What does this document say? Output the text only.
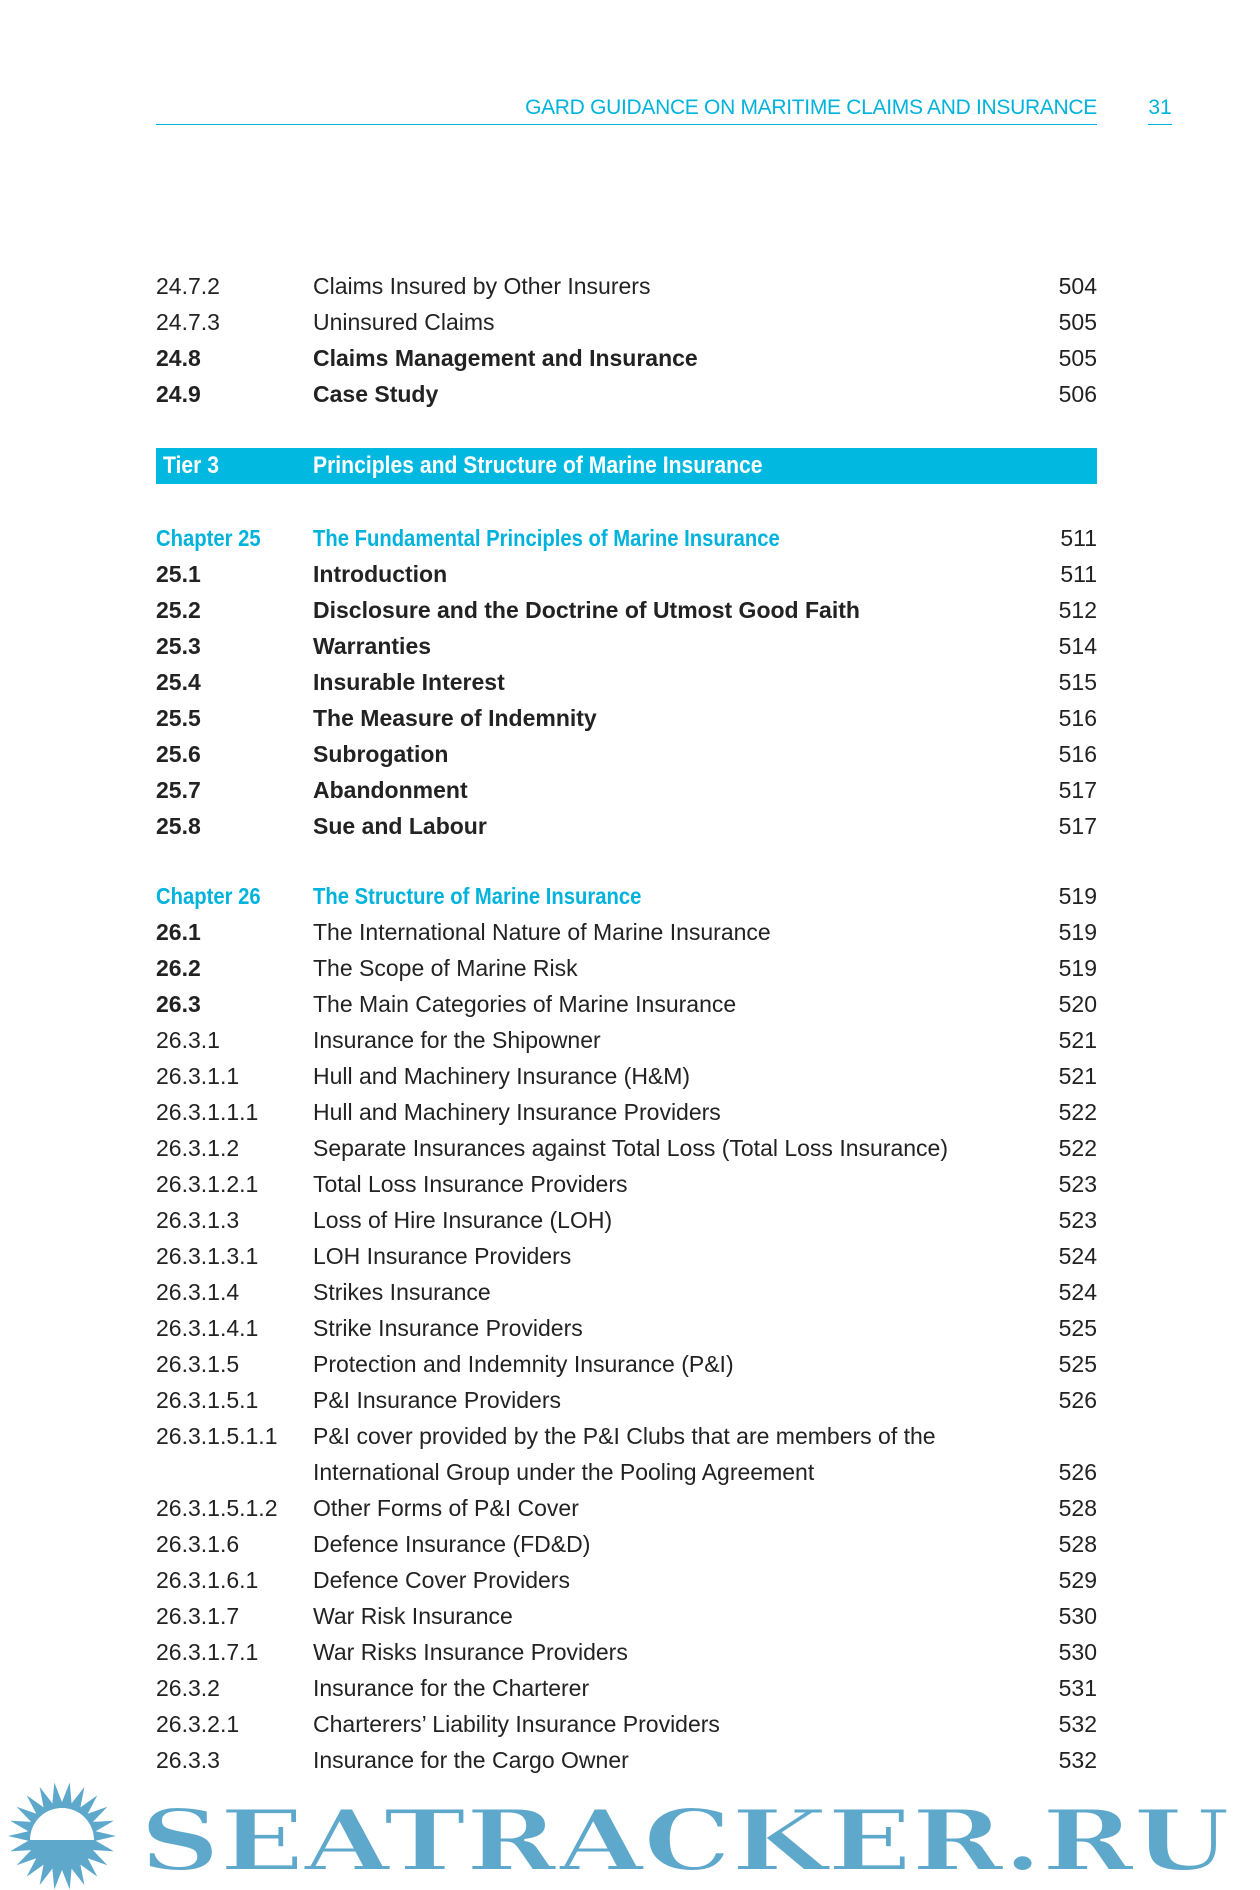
GARD GUIDANCE ON MARITIME CLAIMS AND INSURANCE 31
24.7.2	Claims Insured by Other Insurers	504
24.7.3	Uninsured Claims	505
24.8	Claims Management and Insurance	505
24.9	Case Study	506
Tier 3	Principles and Structure of Marine Insurance
Chapter 25 The Fundamental Principles of Marine Insurance	511
25.1	Introduction	511
25.2	Disclosure and the Doctrine of Utmost Good Faith	512
25.3	Warranties	514
25.4	Insurable Interest	515
25.5	The Measure of Indemnity	516
25.6	Subrogation	516
25.7	Abandonment	517
25.8	Sue and Labour	517
Chapter 26 The Structure of Marine Insurance	519
26.1	The International Nature of Marine Insurance	519
26.2	The Scope of Marine Risk	519
26.3	The Main Categories of Marine Insurance	520
26.3.1	Insurance for the Shipowner	521
26.3.1.1	Hull and Machinery Insurance (H&M)	521
26.3.1.1.1 Hull and Machinery Insurance Providers	522
26.3.1.2	Separate Insurances against Total Loss (Total Loss Insurance)	522
26.3.1.2.1 Total Loss Insurance Providers	523
26.3.1.3	Loss of Hire Insurance (LOH)	523
26.3.1.3.1 LOH Insurance Providers	524
26.3.1.4	Strikes Insurance	524
26.3.1.4.1 Strike Insurance Providers	525
26.3.1.5	Protection and Indemnity Insurance (P&I)	525
26.3.1.5.1 P&I Insurance Providers	526
26.3.1.5.1.1 P&I cover provided by the P&I Clubs that are members of the International Group under the Pooling Agreement	526
26.3.1.5.1.2 Other Forms of P&I Cover	528
26.3.1.6	Defence Insurance (FD&D)	528
26.3.1.6.1 Defence Cover Providers	529
26.3.1.7	War Risk Insurance	530
26.3.1.7.1 War Risks Insurance Providers	530
26.3.2	Insurance for the Charterer	531
26.3.2.1	Charterers’ Liability Insurance Providers	532
26.3.3	Insurance for the Cargo Owner	532
SEATRACKER.RU
